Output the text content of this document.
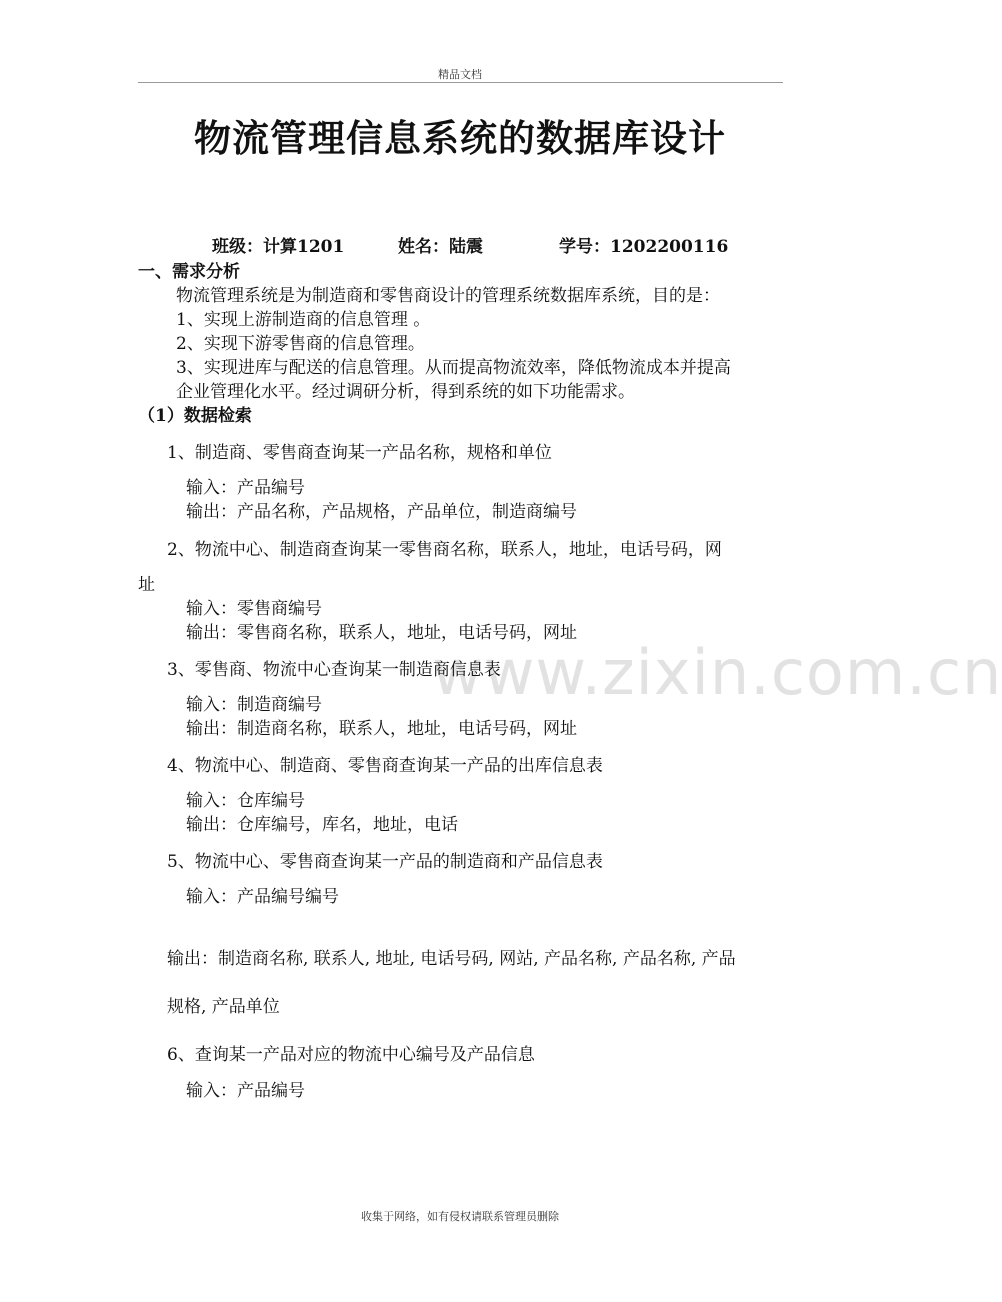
www.zixin.com.cn
精品文档
物流管理信息系统的数据库设计
班级：计算1201	姓名：陆震	学号：1202200116
一、需求分析
物流管理系统是为制造商和零售商设计的管理系统数据库系统，目的是：
1、实现上游制造商的信息管理 。
2、实现下游零售商的信息管理。
3、实现进库与配送的信息管理。从而提高物流效率，降低物流成本并提高
企业管理化水平。经过调研分析，得到系统的如下功能需求。
（1）数据检索
1、制造商、零售商查询某一产品名称，规格和单位
输入：产品编号
输出：产品名称，产品规格，产品单位，制造商编号
2、物流中心、制造商查询某一零售商名称，联系人，地址，电话号码，网
址
输入：零售商编号
输出：零售商名称，联系人，地址，电话号码，网址
3、零售商、物流中心查询某一制造商信息表
输入：制造商编号
输出：制造商名称，联系人，地址，电话号码，网址
4、物流中心、制造商、零售商查询某一产品的出库信息表
输入：仓库编号
输出：仓库编号，库名，地址，电话
5、物流中心、零售商查询某一产品的制造商和产品信息表
输入：产品编号编号
输出：制造商名称, 联系人, 地址, 电话号码, 网站, 产品名称, 产品名称, 产品
规格, 产品单位
6、查询某一产品对应的物流中心编号及产品信息
输入：产品编号
收集于网络，如有侵权请联系管理员删除
